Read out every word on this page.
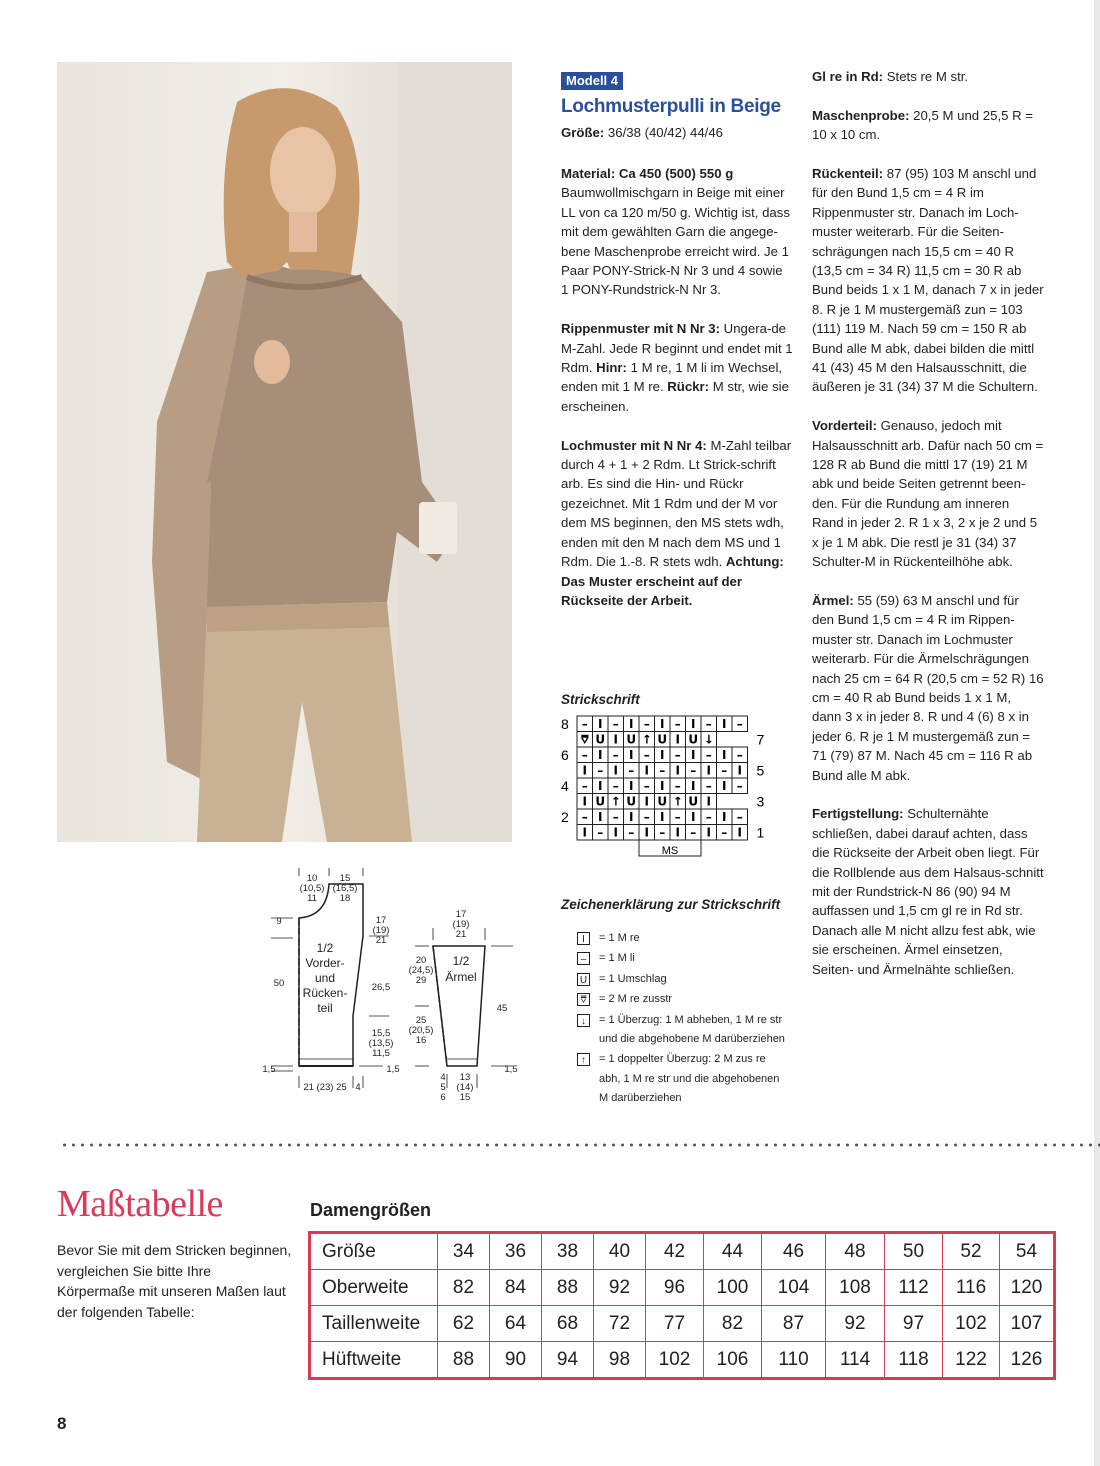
Modell 4
Lochmusterpulli in Beige
Größe: 36/38 (40/42) 44/46

Material: Ca 450 (500) 550 g
Baumwollmischgarn in Beige mit einer LL von ca 120 m/50 g. Wichtig ist, dass mit dem gewählten Garn die angege-bene Maschenprobe erreicht wird. Je 1 Paar PONY-Strick-N Nr 3 und 4 sowie 1 PONY-Rundstrick-N Nr 3.

Rippenmuster mit N Nr 3: Ungera-de M-Zahl. Jede R beginnt und endet mit 1 Rdm. Hinr: 1 M re, 1 M li im Wechsel, enden mit 1 M re. Rückr: M str, wie sie erscheinen.

Lochmuster mit N Nr 4: M-Zahl teilbar durch 4 + 1 + 2 Rdm. Lt Strick-schrift arb. Es sind die Hin- und Rückr gezeichnet. Mit 1 Rdm und der M vor dem MS beginnen, den MS stets wdh, enden mit den M nach dem MS und 1 Rdm. Die 1.-8. R stets wdh. Achtung: Das Muster erscheint auf der Rückseite der Arbeit.

Strickschrift
– I – I – I – I – I –
⩢ U I U ↑ U I U ↓
– I – I – I – I – I –
I – I – I – I – I – I
– I – I – I – I – I –
I U ↑ U I U ↑ U I
– I – I – I – I – I –
I – I – I – I – I – I
8
6
4
2
7
5
3
1
MS
Zeichenerklärung zur Strickschrift
I	= 1 M re
–	= 1 M li
U = 1 Umschlag
⩢	= 2 M re zusstr
↓	= 1 Überzug: 1 M abheben, 1 M re str und die abgehobene M darüberziehen
↑	= 1 doppelter Überzug: 2 M zus re abh, 1 M re str und die abgehobenen M darüberziehen

Gl re in Rd: Stets re M str.

Maschenprobe: 20,5 M und 25,5 R = 10 x 10 cm.

Rückenteil: 87 (95) 103 M anschl und für den Bund 1,5 cm = 4 R im Rippenmuster str. Danach im Loch-muster weiterarb. Für die Seiten-schrägungen nach 15,5 cm = 40 R (13,5 cm = 34 R) 11,5 cm = 30 R ab Bund beids 1 x 1 M, danach 7 x in jeder 8. R je 1 M mustergemäß zun = 103 (111) 119 M. Nach 59 cm = 150 R ab Bund alle M abk, dabei bilden die mittl 41 (43) 45 M den Halsausschnitt, die äußeren je 31 (34) 37 M die Schultern.

Vorderteil: Genauso, jedoch mit Halsausschnitt arb. Dafür nach 50 cm = 128 R ab Bund die mittl 17 (19) 21 M abk und beide Seiten getrennt been-den. Für die Rundung am inneren Rand in jeder 2. R 1 x 3, 2 x je 2 und 5 x je 1 M abk. Die restl je 31 (34) 37 Schulter-M in Rückenteilhöhe abk.

Ärmel: 55 (59) 63 M anschl und für den Bund 1,5 cm = 4 R im Rippen-muster str. Danach im Lochmuster weiterarb. Für die Ärmelschrägungen nach 25 cm = 64 R (20,5 cm = 52 R) 16 cm = 40 R ab Bund beids 1 x 1 M, dann 3 x in jeder 8. R und 4 (6) 8 x in jeder 6. R je 1 M mustergemäß zun = 71 (79) 87 M. Nach 45 cm = 116 R ab Bund alle M abk.

Fertigstellung: Schulternähte schließen, dabei darauf achten, dass die Rückseite der Arbeit oben liegt. Für die Rollblende aus dem Halsaus-schnitt mit der Rundstrick-N 86 (90) 94 M auffassen und 1,5 cm gl re in Rd str. Danach alle M nicht allzu fest abk, wie sie erscheinen. Ärmel einsetzen, Seiten- und Ärmelnähte schließen.

1/2
Vorder-
und
Rücken-
teil
10
(10,5)
11
15
(16,5)
18
9
50	26,5
17
(19)
21
15,5
(13,5)
11,5
1,5	1,5
21 (23) 25 4
1/2
Ärmel
17
(19)
21
20
(24,5)
29
25
(20,5)
16
45
1,5
4
5
6
13
(14)
15
Maßtabelle
Bevor Sie mit dem Stricken beginnen, vergleichen Sie bitte Ihre Körpermaße mit unseren Maßen laut der folgenden Tabelle:
Damengrößen
Größe	34	36	38	40	42	44	46	48	50	52	54
Oberweite	82	84	88	92	96	100	104	108	112	116	120
Taillenweite	62	64	68	72	77	82	87	92	97	102	107
Hüftweite	88	90	94	98	102	106	110	114	118	122	126
8
